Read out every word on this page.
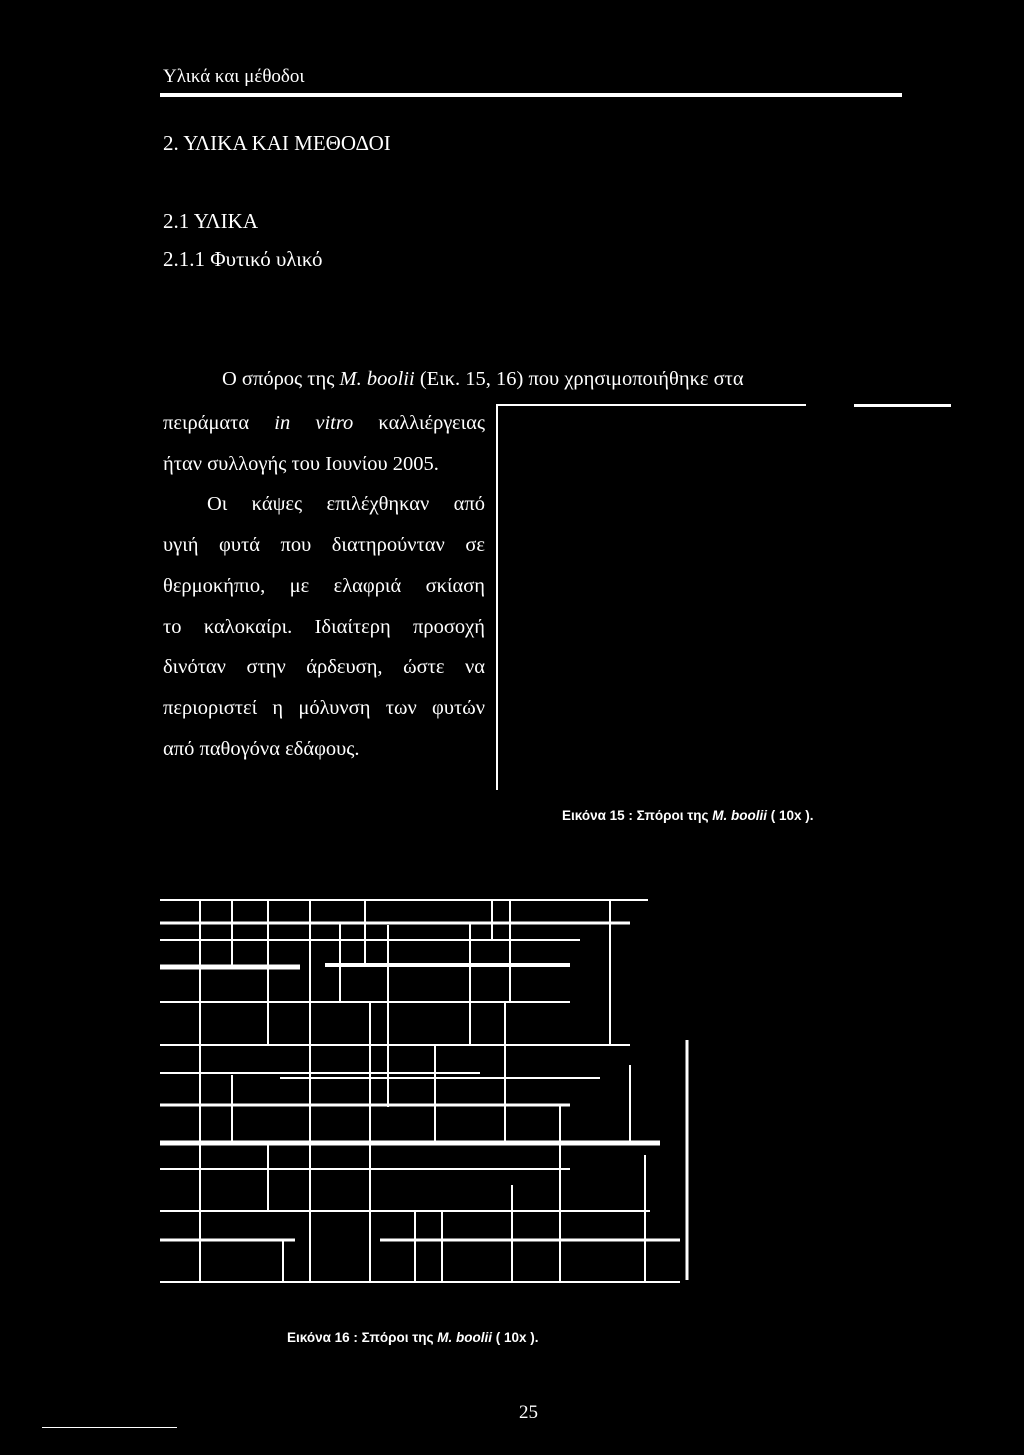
Υλικά και μέθοδοι
2. ΥΛΙΚΑ ΚΑΙ ΜΕΘΟΔΟΙ
2.1 ΥΛΙΚΑ
2.1.1 Φυτικό υλικό
Ο σπόρος της M. boolii (Εικ. 15, 16) που χρησιμοποιήθηκε στα
πειράματα in vitro καλλιέργειας
ήταν συλλογής του Ιουνίου 2005.
Οι κάψες επιλέχθηκαν από
υγιή φυτά που διατηρούνταν σε
θερμοκήπιο, με ελαφριά σκίαση
το καλοκαίρι. Ιδιαίτερη προσοχή
δινόταν στην άρδευση, ώστε να
περιοριστεί η μόλυνση των φυτών
από παθογόνα εδάφους.
Εικόνα 15 : Σπόροι της M. boolii ( 10x ).
Εικόνα 16 : Σπόροι της M. boolii ( 10x ).
25
